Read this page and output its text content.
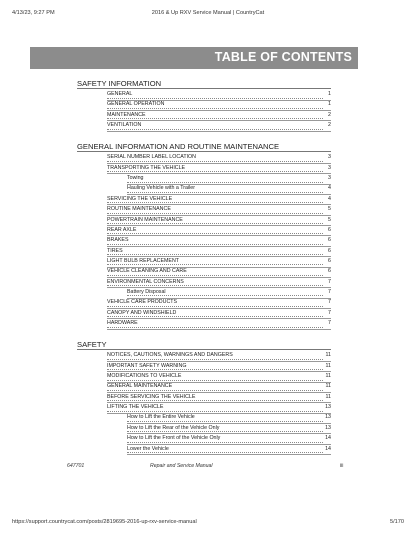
4/13/23, 9:27 PM	2016 & Up RXV Service Manual | CountryCat
TABLE OF CONTENTS
SAFETY INFORMATION
GENERAL	1
GENERAL OPERATION	1
MAINTENANCE	2
VENTILATION	2
GENERAL INFORMATION AND ROUTINE MAINTENANCE
SERIAL NUMBER LABEL LOCATION	3
TRANSPORTING THE VEHICLE	3
Towing	3
Hauling Vehicle with a Trailer	4
SERVICING THE VEHICLE	4
ROUTINE MAINTENANCE	5
POWERTRAIN MAINTENANCE	5
REAR AXLE	6
BRAKES	6
TIRES	6
LIGHT BULB REPLACEMENT	6
VEHICLE CLEANING AND CARE	6
ENVIRONMENTAL CONCERNS	7
Battery Disposal	7
VEHICLE CARE PRODUCTS	7
CANOPY AND WINDSHIELD	7
HARDWARE	7
SAFETY
NOTICES, CAUTIONS, WARNINGS AND DANGERS	11
IMPORTANT SAFETY WARNING	11
MODIFICATIONS TO VEHICLE	11
GENERAL MAINTENANCE	11
BEFORE SERVICING THE VEHICLE	11
LIFTING THE VEHICLE	13
How to Lift the Entire Vehicle	13
How to Lift the Rear of the Vehicle Only	13
How to Lift the Front of the Vehicle Only	14
Lower the Vehicle	14
647701	Repair and Service Manual	iii
https://support.countrycat.com/posts/2819695-2016-up-rxv-service-manual	5/170
